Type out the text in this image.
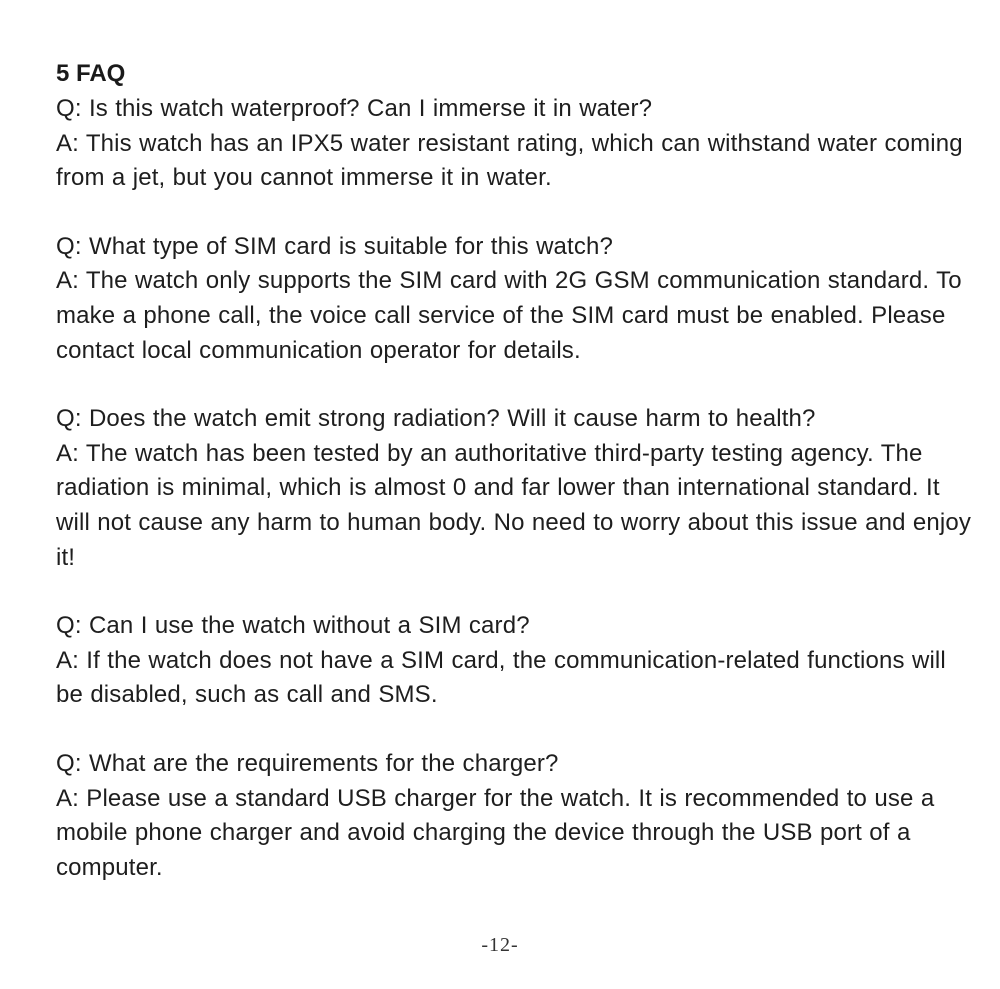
5 FAQ

Q: Is this watch waterproof? Can I immerse it in water?

A: This watch has an IPX5 water resistant rating, which can withstand water coming from a jet, but you cannot immerse it in water.

Q: What type of SIM card is suitable for this watch?

A: The watch only supports the SIM card with 2G GSM communication standard. To make a phone call, the voice call service of the SIM card must be enabled. Please contact local communication operator for details.

Q: Does the watch emit strong radiation? Will it cause harm to health?

A: The watch has been tested by an authoritative third-party testing agency. The radiation is minimal, which is almost 0 and far lower than international standard. It will not cause any harm to human body. No need to worry about this issue and enjoy it!

Q: Can I use the watch without a SIM card?

A: If the watch does not have a SIM card, the communication-related functions will be disabled, such as call and SMS.

Q: What are the requirements for the charger?

A: Please use a standard USB charger for the watch. It is recommended to use a mobile phone charger and avoid charging the device through the USB port of a computer.

-12-
